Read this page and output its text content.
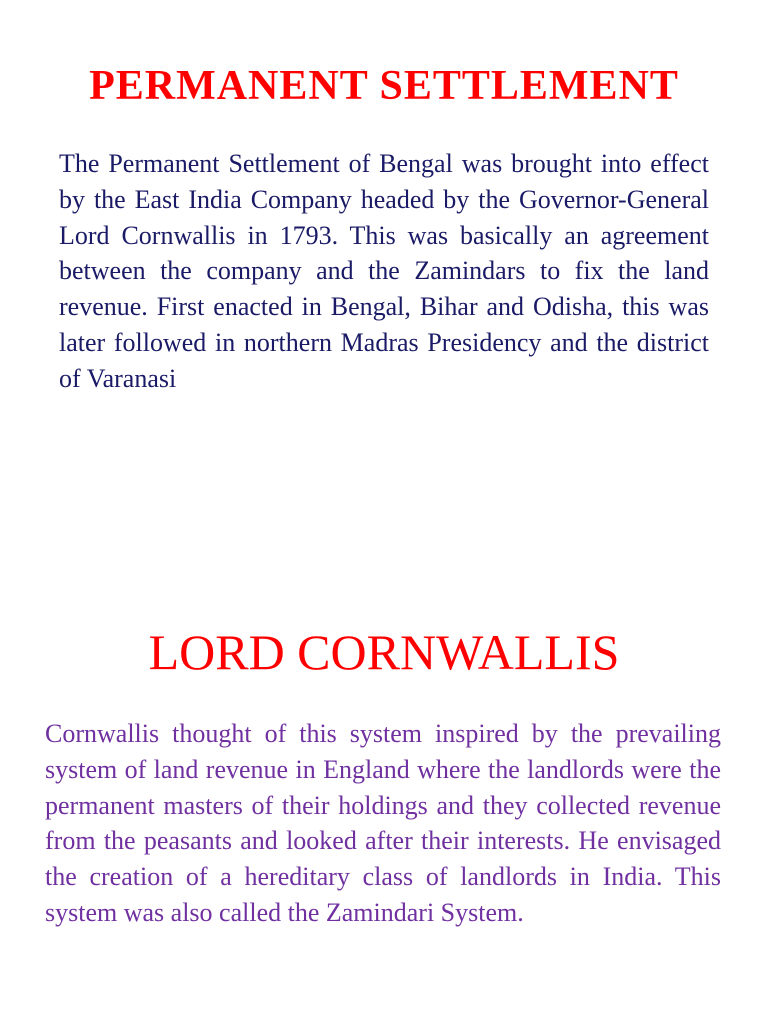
PERMANENT SETTLEMENT

The Permanent Settlement of Bengal was brought into effect by the East India Company headed by the Governor-General Lord Cornwallis in 1793. This was basically an agreement between the company and the Zamindars to fix the land revenue. First enacted in Bengal, Bihar and Odisha, this was later followed in northern Madras Presidency and the district of Varanasi

LORD CORNWALLIS

Cornwallis thought of this system inspired by the prevailing system of land revenue in England where the landlords were the permanent masters of their holdings and they collected revenue from the peasants and looked after their interests. He envisaged the creation of a hereditary class of landlords in India. This system was also called the Zamindari System.
